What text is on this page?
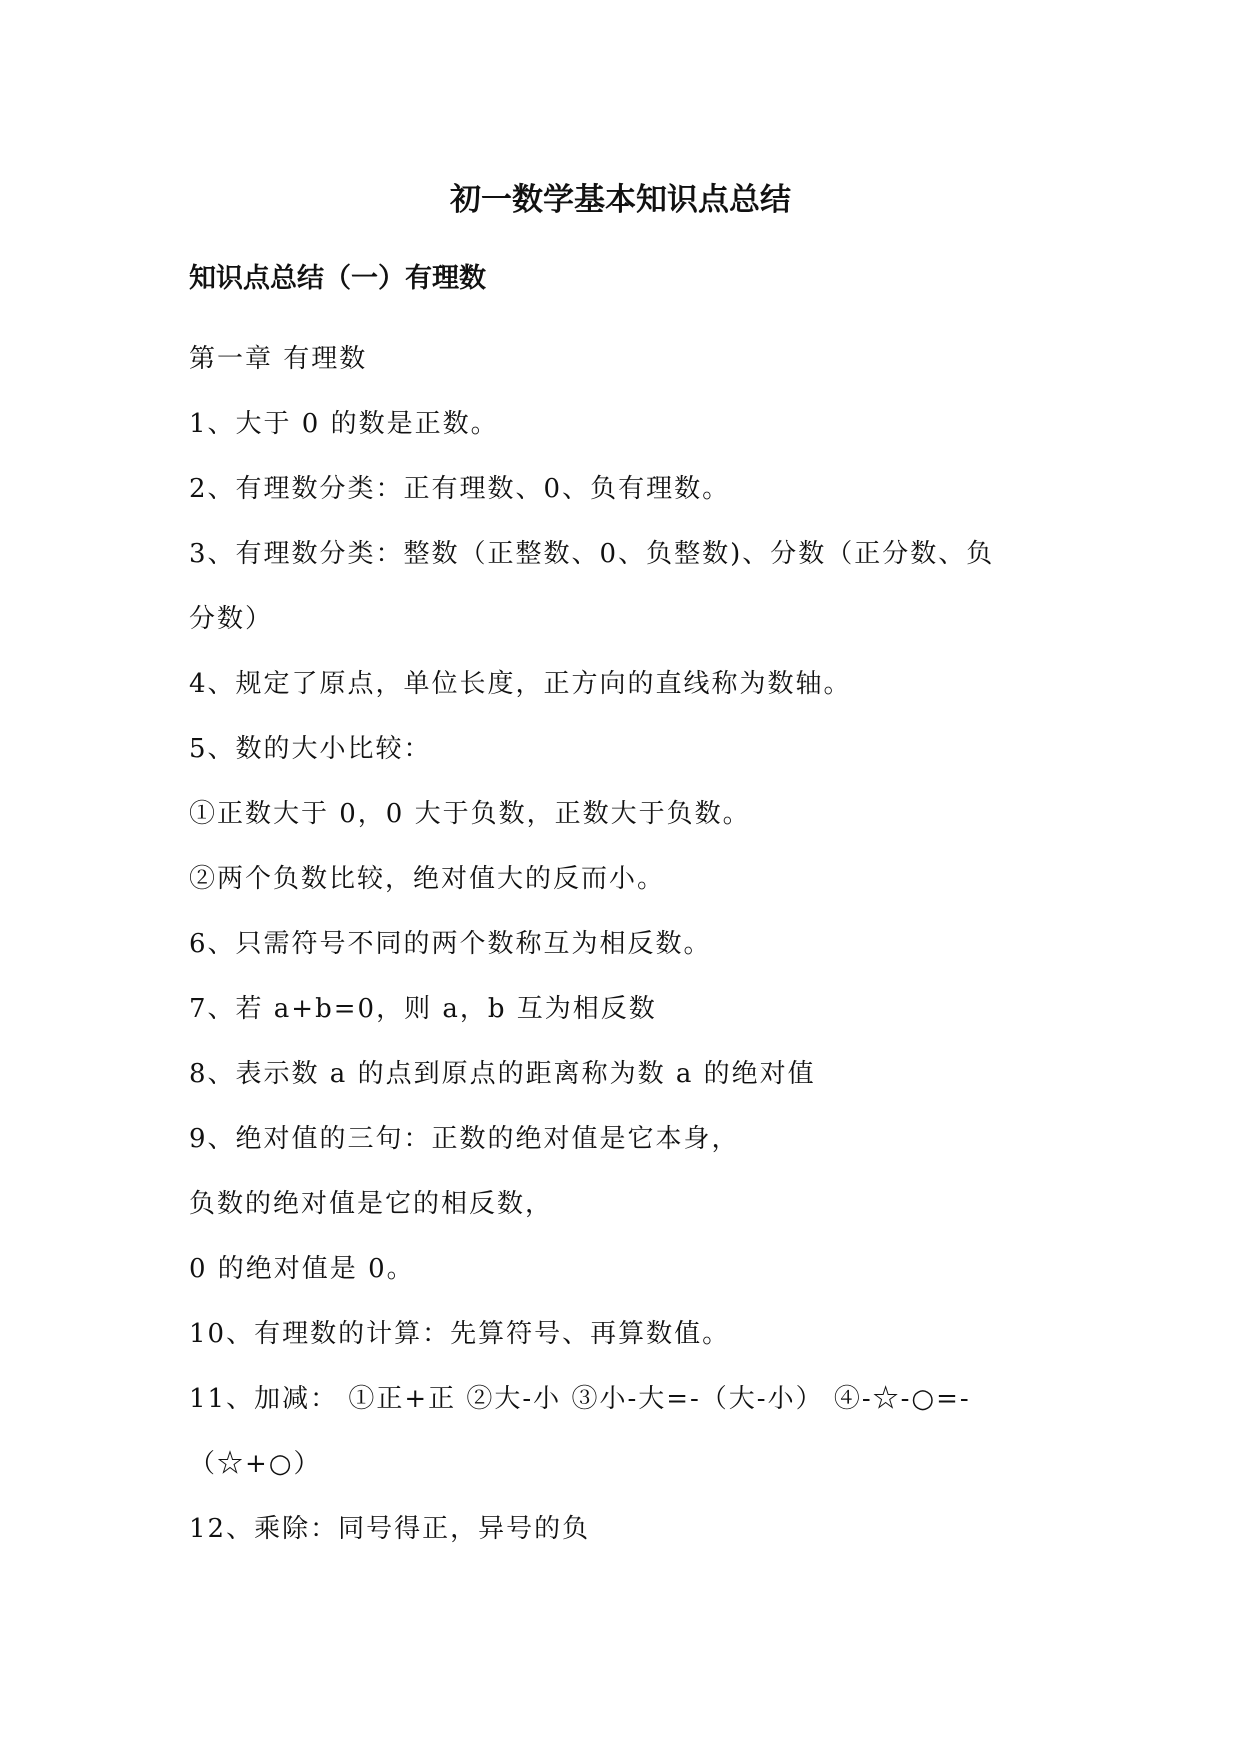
初一数学基本知识点总结
知识点总结（一）有理数

第一章 有理数

1、大于 0 的数是正数。

2、有理数分类：正有理数、0、负有理数。

3、有理数分类：整数（正整数、0、负整数)、分数（正分数、负

分数）

4、规定了原点，单位长度，正方向的直线称为数轴。

5、数的大小比较：

①正数大于 0，0 大于负数，正数大于负数。

②两个负数比较，绝对值大的反而小。

6、只需符号不同的两个数称互为相反数。

7、若 a+b=0，则 a，b 互为相反数

8、表示数 a 的点到原点的距离称为数 a 的绝对值

9、绝对值的三句：正数的绝对值是它本身，

负数的绝对值是它的相反数，

0 的绝对值是 0。

10、有理数的计算：先算符号、再算数值。

11、加减： ①正+正 ②大-小 ③小-大=-（大-小） ④-☆-○=-

（☆+○）

12、乘除：同号得正，异号的负
